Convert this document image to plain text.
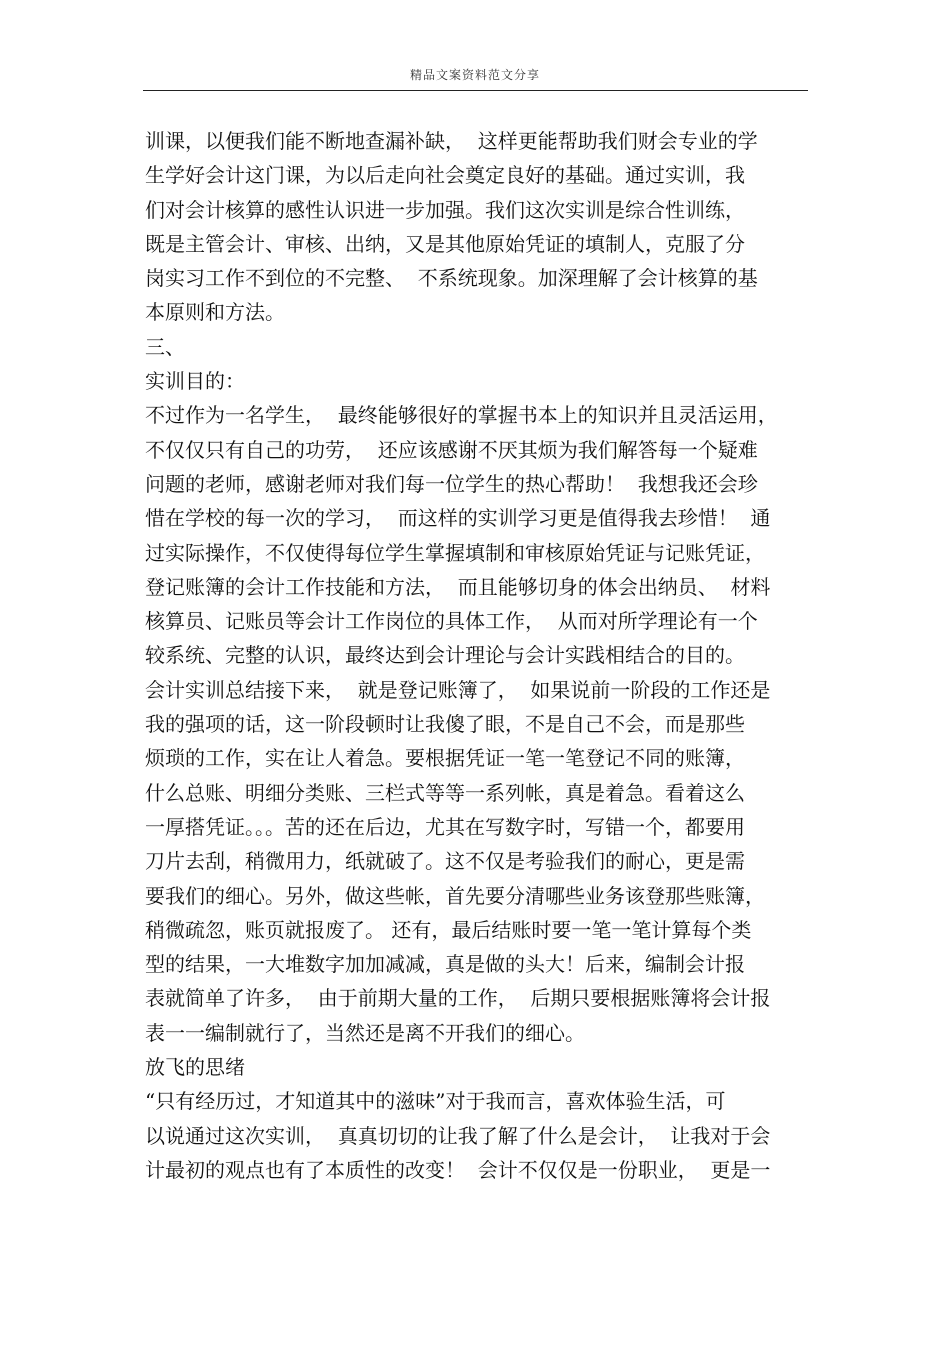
精品文案资料范文分享
训课，以便我们能不断地查漏补缺，  这样更能帮助我们财会专业的学
生学好会计这门课，为以后走向社会奠定良好的基础。通过实训，我
们对会计核算的感性认识进一步加强。我们这次实训是综合性训练，
既是主管会计、审核、出纳，又是其他原始凭证的填制人，克服了分
岗实习工作不到位的不完整、  不系统现象。加深理解了会计核算的基
本原则和方法。
三、
实训目的：
不过作为一名学生，  最终能够很好的掌握书本上的知识并且灵活运用，
不仅仅只有自己的功劳，  还应该感谢不厌其烦为我们解答每一个疑难
问题的老师，感谢老师对我们每一位学生的热心帮助！  我想我还会珍
惜在学校的每一次的学习，  而这样的实训学习更是值得我去珍惜！  通
过实际操作，不仅使得每位学生掌握填制和审核原始凭证与记账凭证，
登记账簿的会计工作技能和方法，  而且能够切身的体会出纳员、  材料
核算员、记账员等会计工作岗位的具体工作，  从而对所学理论有一个
较系统、完整的认识，最终达到会计理论与会计实践相结合的目的。
会计实训总结接下来，  就是登记账簿了，  如果说前一阶段的工作还是
我的强项的话，这一阶段顿时让我傻了眼，不是自己不会，而是那些
烦琐的工作，实在让人着急。要根据凭证一笔一笔登记不同的账簿，
什么总账、明细分类账、三栏式等等一系列帐，真是着急。看着这么
一厚搭凭证。。。苦的还在后边，尤其在写数字时，写错一个，都要用
刀片去刮，稍微用力，纸就破了。这不仅是考验我们的耐心，更是需
要我们的细心。另外，做这些帐，首先要分清哪些业务该登那些账簿，
稍微疏忽，账页就报废了。 还有，最后结账时要一笔一笔计算每个类
型的结果，一大堆数字加加减减，真是做的头大！后来，编制会计报
表就简单了许多，  由于前期大量的工作，  后期只要根据账簿将会计报
表一一编制就行了，当然还是离不开我们的细心。
放飞的思绪
“只有经历过，才知道其中的滋味”对于我而言，喜欢体验生活，可
以说通过这次实训，  真真切切的让我了解了什么是会计，  让我对于会
计最初的观点也有了本质性的改变！  会计不仅仅是一份职业，  更是一
